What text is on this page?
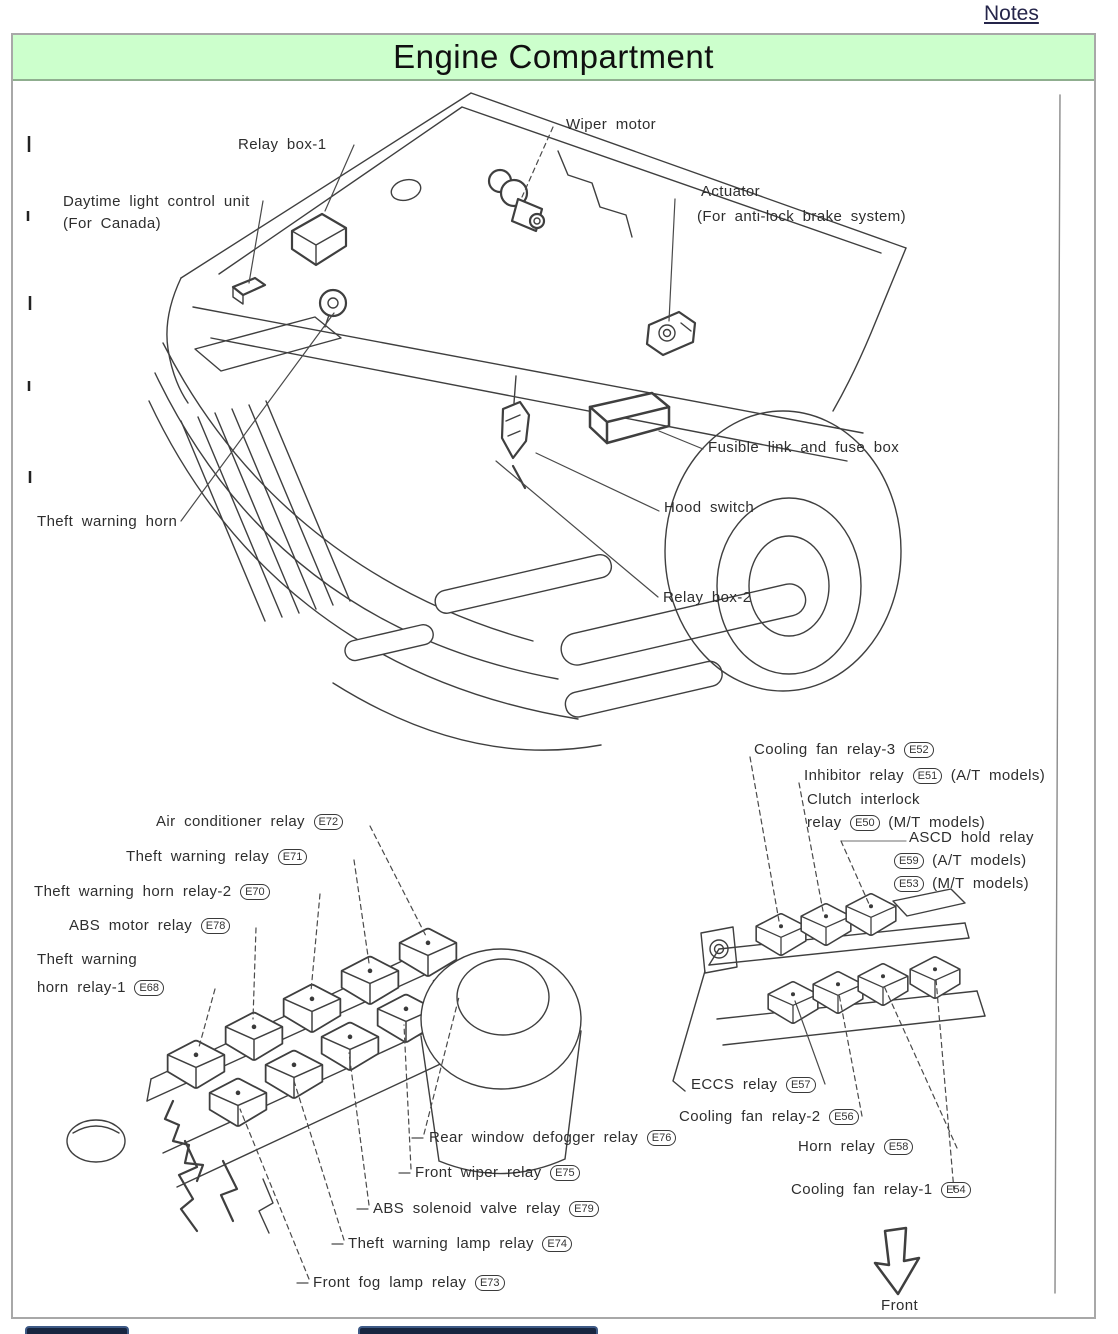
Notes
Engine Compartment
Wiper motor
Relay box-1
Daytime light control unit
(For Canada)
Actuator
(For anti-lock brake system)
Fusible link and fuse box
Hood switch
Theft warning horn
Relay box-2
Air conditioner relay E72
Theft warning relay E71
Theft warning horn relay-2 E70
ABS motor relay E78
Theft warning
horn relay-1 E68
Rear window defogger relay E76
Front wiper relay E75
ABS solenoid valve relay E79
Theft warning lamp relay E74
Front fog lamp relay E73
Cooling fan relay-3 E52
Inhibitor relay E51 (A/T models)
Clutch interlock
relay E50 (M/T models)
ASCD hold relay
E59 (A/T models)
E53 (M/T models)
ECCS relay E57
Cooling fan relay-2 E56
Horn relay E58
Cooling fan relay-1 E54
Front
